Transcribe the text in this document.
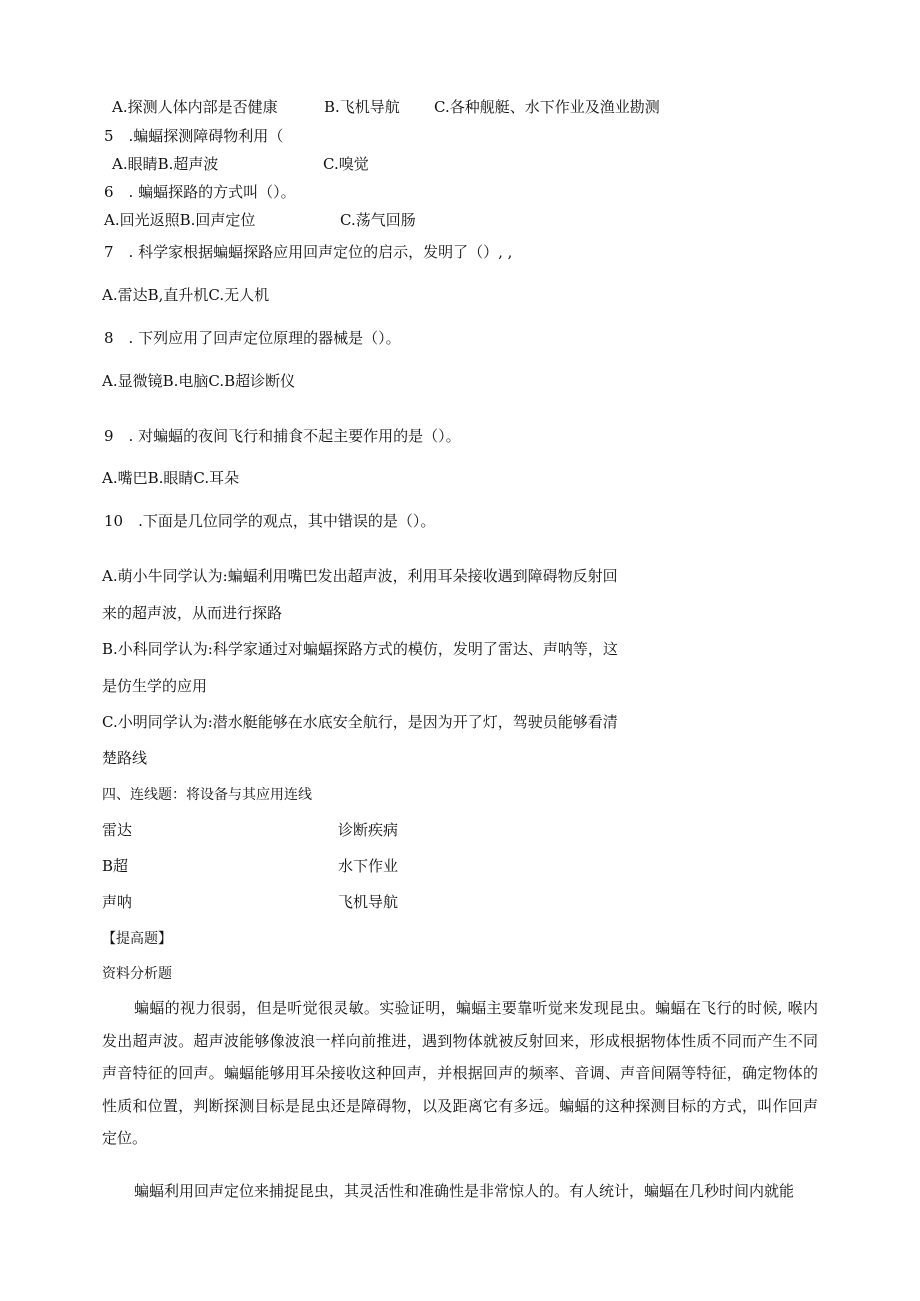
A.探测人体内部是否健康	B.飞机导航 C.各种舰艇、水下作业及渔业勘测
5　.蝙蝠探测障碍物利用（
A.眼睛B.超声波	C.嗅觉
6　. 蝙蝠探路的方式叫（）。
A.回光返照B.回声定位	C.荡气回肠
7　. 科学家根据蝙蝠探路应用回声定位的启示，发明了（）, ,
A.雷达B,直升机C.无人机
8　. 下列应用了回声定位原理的器械是（）。
A.显微镜B.电脑C.B超诊断仪
9　. 对蝙蝠的夜间飞行和捕食不起主要作用的是（）。
A.嘴巴B.眼睛C.耳朵
10　.下面是几位同学的观点，其中错误的是（）。
A.萌小牛同学认为:蝙蝠利用嘴巴发出超声波，利用耳朵接收遇到障碍物反射回
来的超声波，从而进行探路
B.小科同学认为:科学家通过对蝙蝠探路方式的模仿，发明了雷达、声呐等，这
是仿生学的应用
C.小明同学认为:潜水艇能够在水底安全航行，是因为开了灯，驾驶员能够看清
楚路线
四、连线题：将设备与其应用连线
雷达	诊断疾病
B超	水下作业
声呐	飞机导航
【提高题】
资料分析题
蝙蝠的视力很弱，但是听觉很灵敏。实验证明，蝙蝠主要靠听觉来发现昆虫。蝙蝠在飞行的时候, 喉内发出超声波。超声波能够像波浪一样向前推进，遇到物体就被反射回来，形成根据物体性质不同而产生不同声音特征的回声。蝙蝠能够用耳朵接收这种回声，并根据回声的频率、音调、声音间隔等特征，确定物体的性质和位置，判断探测目标是昆虫还是障碍物，以及距离它有多远。蝙蝠的这种探测目标的方式，叫作回声定位。
蝙蝠利用回声定位来捕捉昆虫，其灵活性和准确性是非常惊人的。有人统计，蝙蝠在几秒时间内就能
